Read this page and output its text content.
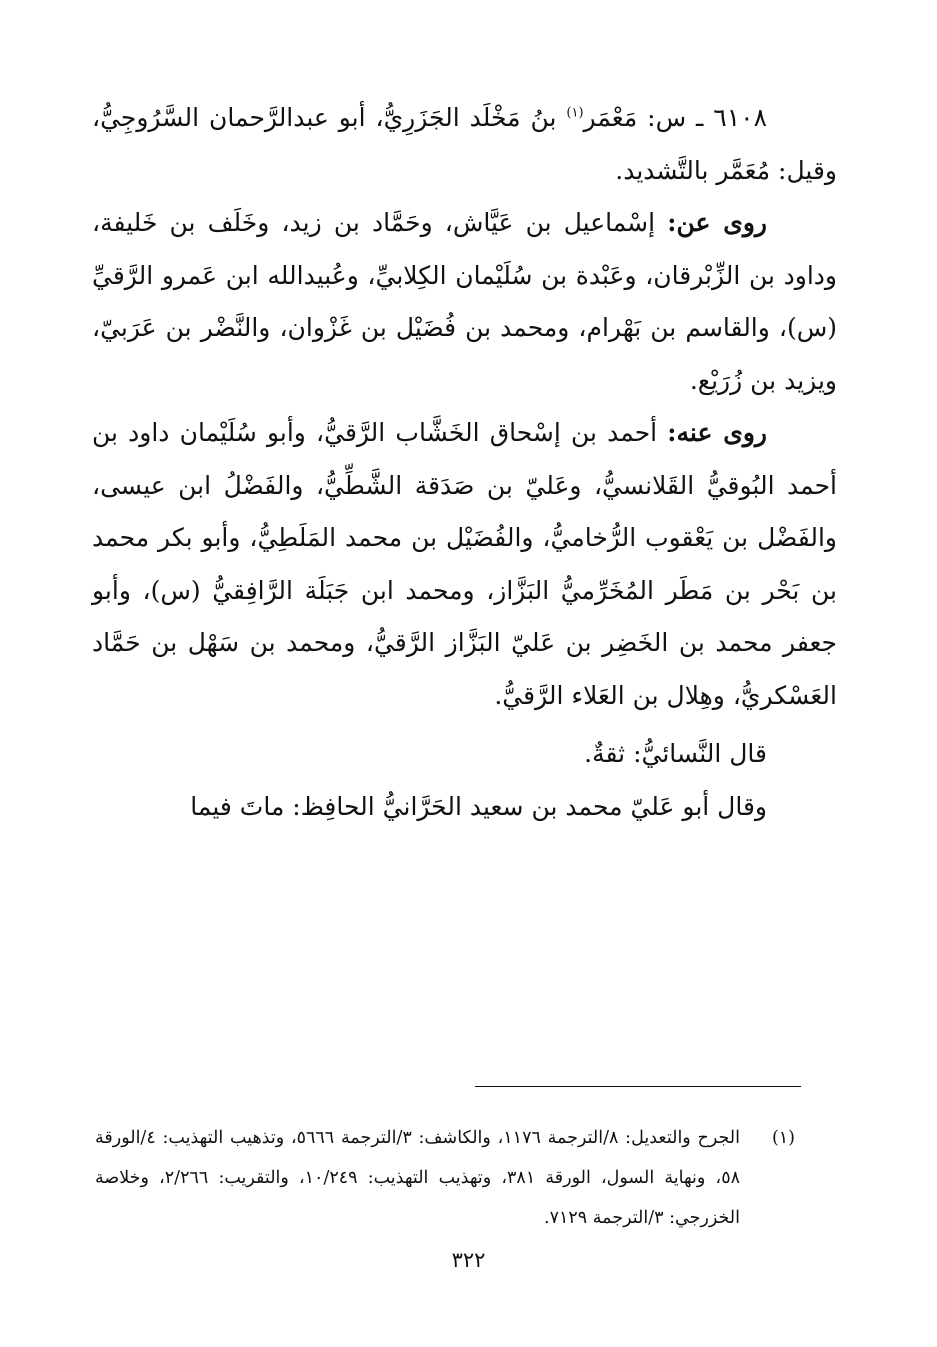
٦١٠٨ ـ س: مَعْمَر$^{(١)}$ بنُ مَخْلَد الجَزَرِيُّ، أبو عبدالرَّحمان السَّرُوجِيُّ، وقيل: مُعَمَّر بالتَّشديد.

روى عن: إسْماعيل بن عَيَّاش، وحَمَّاد بن زيد، وخَلَف بن خَليفة، وداود بن الزِّبْرقان، وعَبْدة بن سُلَيْمان الكِلابيِّ، وعُبيدالله ابن عَمرو الرَّقيِّ (س)، والقاسم بن بَهْرام، ومحمد بن فُضَيْل بن غَزْوان، والنَّضْر بن عَرَبيّ، ويزيد بن زُرَيْع.

روى عنه: أحمد بن إسْحاق الخَشَّاب الرَّقيُّ، وأبو سُلَيْمان داود بن أحمد البُوقيُّ القَلانسيُّ، وعَليّ بن صَدَقة الشَّطِّيُّ، والفَضْلُ ابن عيسى، والفَضْل بن يَعْقوب الرُّخاميُّ، والفُضَيْل بن محمد المَلَطِيُّ، وأبو بكر محمد بن بَحْر بن مَطَر المُخَرِّميُّ البَزَّاز، ومحمد ابن جَبَلَة الرَّافِقيُّ (س)، وأبو جعفر محمد بن الخَضِر بن عَليّ البَزَّاز الرَّقيُّ، ومحمد بن سَهْل بن حَمَّاد العَسْكريُّ، وهِلال بن العَلاء الرَّقيُّ.

قال النَّسائيُّ: ثقةٌ.

وقال أبو عَليّ محمد بن سعيد الحَرَّانيُّ الحافِظ: ماتَ فيما

(١)

الجرح والتعديل: ٨/الترجمة ١١٧٦، والكاشف: ٣/الترجمة ٥٦٦٦، وتذهيب التهذيب: ٤/الورقة ٥٨، ونهاية السول، الورقة ٣٨١، وتهذيب التهذيب: ١٠/٢٤٩، والتقريب: ٢/٢٦٦، وخلاصة الخزرجي: ٣/الترجمة ٧١٢٩.

٣٢٢
